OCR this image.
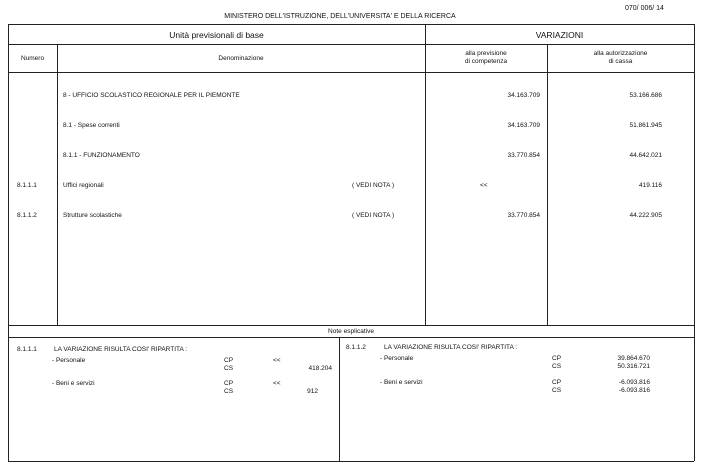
070/ 006/ 14
MINISTERO DELL'ISTRUZIONE, DELL'UNIVERSITA' E DELLA RICERCA
Unità previsionali di base	VARIAZIONI
Numero	Denominazione
alla previsione
di competenza
alla autorizzazione
di cassa
8 - UFFICIO SCOLASTICO REGIONALE PER IL PIEMONTE	34.163.709	53.166.686
8.1 - Spese correnti	34.163.709	51.861.945
8.1.1 - FUNZIONAMENTO	33.770.854	44.642.021
8.1.1.1	Uffici regionali	( VEDI NOTA )	<<	419.116
8.1.1.2	Strutture scolastiche	( VEDI NOTA )	33.770.854	44.222.905
Note esplicative
8.1.1.1	LA VARIAZIONE RISULTA COSI' RIPARTITA :
- Personale	CP	<<
CS	418.204
- Beni e servizi	CP	<<
CS	912
8.1.1.2	LA VARIAZIONE RISULTA COSI' RIPARTITA :
- Personale	CP	39.864.670
CS	50.316.721
- Beni e servizi	CP	-6.093.816
CS	-6.093.816
